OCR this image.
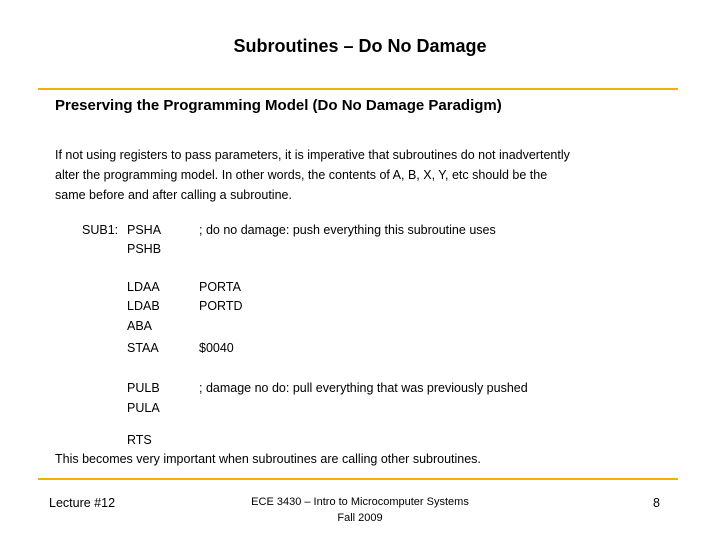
Subroutines – Do No Damage
Preserving the Programming Model (Do No Damage Paradigm)
If not using registers to pass parameters, it is imperative that subroutines do not inadvertently
alter the programming model. In other words, the contents of A, B, X, Y, etc should be the
same before and after calling a subroutine.
SUB1: PSHA
PSHB
LDAA
LDAB
ABA
STAA
PULB
PULA
RTS
; do no damage: push everything this subroutine uses
PORTA
PORTD
$0040
; damage no do: pull everything that was previously pushed
This becomes very important when subroutines are calling other subroutines.
Lecture #12	ECE 3430 – Intro to Microcomputer Systems
Fall 2009
8
